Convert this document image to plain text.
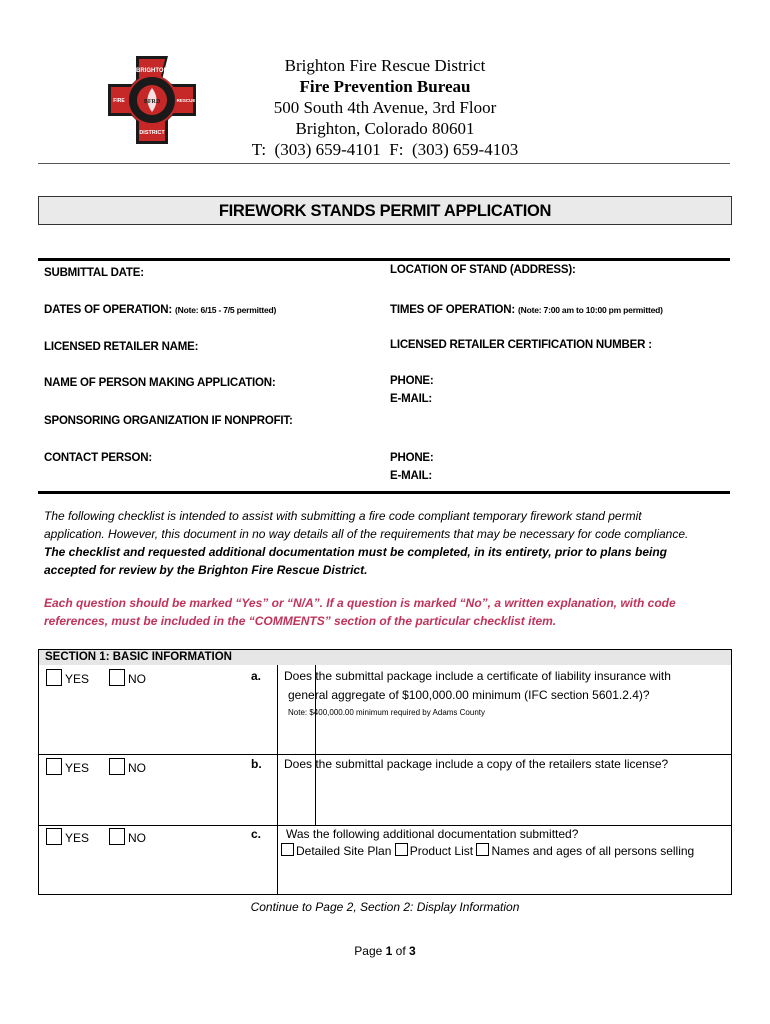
BRIGHTON
DISTRICT
FIRE	RESCUE
BFRD
Brighton Fire Rescue District
Fire Prevention Bureau
500 South 4th Avenue, 3rd Floor
Brighton, Colorado 80601
T:  (303) 659-4101  F:  (303) 659-4103
FIREWORK STANDS PERMIT APPLICATION
SUBMITTAL DATE:	LOCATION OF STAND (ADDRESS):
DATES OF OPERATION: (Note: 6/15 - 7/5 permitted)	TIMES OF OPERATION: (Note: 7:00 am to 10:00 pm permitted)
LICENSED RETAILER NAME:	LICENSED RETAILER CERTIFICATION NUMBER :
NAME OF PERSON MAKING APPLICATION:	PHONE:
E-MAIL:
SPONSORING ORGANIZATION IF NONPROFIT:
CONTACT PERSON:	PHONE:
E-MAIL:
The following checklist is intended to assist with submitting a fire code compliant temporary firework stand permit application. However, this document in no way details all of the requirements that may be necessary for code compliance. The checklist and requested additional documentation must be completed, in its entirety, prior to plans being accepted for review by the Brighton Fire Rescue District.
Each question should be marked “Yes” or “N/A”. If a question is marked “No”, a written explanation, with code references, must be included in the “COMMENTS” section of the particular checklist item.
SECTION 1: BASIC INFORMATION
YES	NO	a. Does the submittal package include a certificate of liability insurance with
general aggregate of $100,000.00 minimum (IFC section 5601.2.4)?
Note: $400,000.00 minimum required by Adams County
YES	NO	b. Does the submittal package include a copy of the retailers state license?
YES	NO	c. Was the following additional documentation submitted?
Detailed Site Plan Product List Names and ages of all persons selling
Continue to Page 2, Section 2: Display Information
Page 1 of 3
